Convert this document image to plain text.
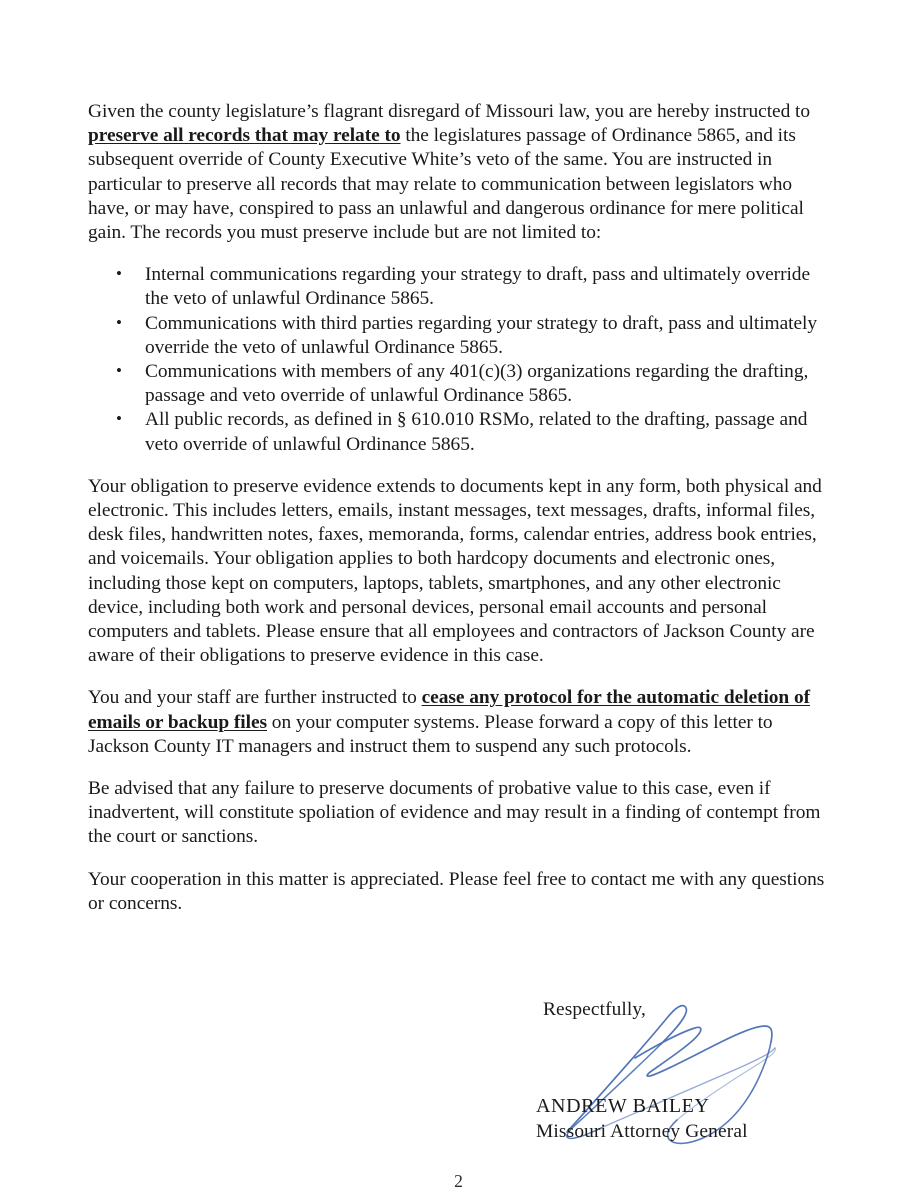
Given the county legislature’s flagrant disregard of Missouri law, you are hereby instructed to preserve all records that may relate to the legislatures passage of Ordinance 5865, and its subsequent override of County Executive White’s veto of the same. You are instructed in particular to preserve all records that may relate to communication between legislators who have, or may have, conspired to pass an unlawful and dangerous ordinance for mere political gain. The records you must preserve include but are not limited to:

• Internal communications regarding your strategy to draft, pass and ultimately override the veto of unlawful Ordinance 5865.
• Communications with third parties regarding your strategy to draft, pass and ultimately override the veto of unlawful Ordinance 5865.
• Communications with members of any 401(c)(3) organizations regarding the drafting, passage and veto override of unlawful Ordinance 5865.
• All public records, as defined in § 610.010 RSMo, related to the drafting, passage and veto override of unlawful Ordinance 5865.

Your obligation to preserve evidence extends to documents kept in any form, both physical and electronic. This includes letters, emails, instant messages, text messages, drafts, informal files, desk files, handwritten notes, faxes, memoranda, forms, calendar entries, address book entries, and voicemails. Your obligation applies to both hardcopy documents and electronic ones, including those kept on computers, laptops, tablets, smartphones, and any other electronic device, including both work and personal devices, personal email accounts and personal computers and tablets. Please ensure that all employees and contractors of Jackson County are aware of their obligations to preserve evidence in this case.

You and your staff are further instructed to cease any protocol for the automatic deletion of emails or backup files on your computer systems. Please forward a copy of this letter to Jackson County IT managers and instruct them to suspend any such protocols.

Be advised that any failure to preserve documents of probative value to this case, even if inadvertent, will constitute spoliation of evidence and may result in a finding of contempt from the court or sanctions.

Your cooperation in this matter is appreciated. Please feel free to contact me with any questions or concerns.

Respectfully,
ANDREW BAILEY
Missouri Attorney General
2
